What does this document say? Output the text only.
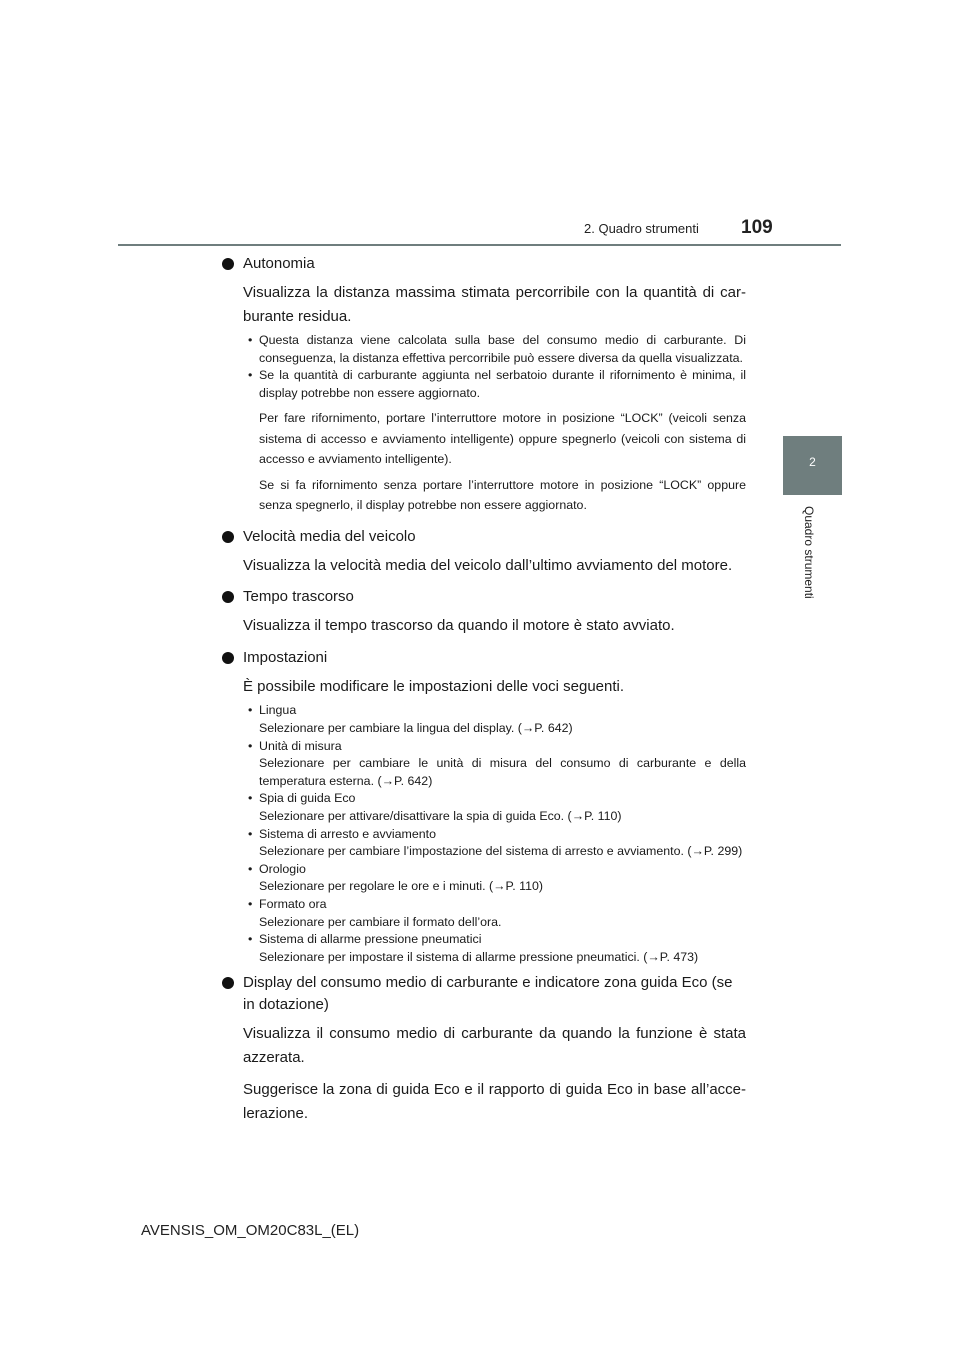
2. Quadro strumenti 109
2
Quadro strumenti
Autonomia
Visualizza la distanza massima stimata percorribile con la quantità di car-burante residua.
• Questa distanza viene calcolata sulla base del consumo medio di carburante. Di conseguenza, la distanza effettiva percorribile può essere diversa da quella visualizzata.
• Se la quantità di carburante aggiunta nel serbatoio durante il rifornimento è minima, il display potrebbe non essere aggiornato.
Per fare rifornimento, portare l’interruttore motore in posizione “LOCK” (veicoli senza sistema di accesso e avviamento intelligente) oppure spegnerlo (veicoli con sistema di accesso e avviamento intelligente).
Se si fa rifornimento senza portare l’interruttore motore in posizione “LOCK” oppure senza spegnerlo, il display potrebbe non essere aggiornato.
Velocità media del veicolo
Visualizza la velocità media del veicolo dall’ultimo avviamento del motore.
Tempo trascorso
Visualizza il tempo trascorso da quando il motore è stato avviato.
Impostazioni
È possibile modificare le impostazioni delle voci seguenti.
• Lingua
Selezionare per cambiare la lingua del display. (→P. 642)
• Unità di misura
Selezionare per cambiare le unità di misura del consumo di carburante e della temperatura esterna. (→P. 642)
• Spia di guida Eco
Selezionare per attivare/disattivare la spia di guida Eco. (→P. 110)
• Sistema di arresto e avviamento
Selezionare per cambiare l’impostazione del sistema di arresto e avviamento. (→P. 299)
• Orologio
Selezionare per regolare le ore e i minuti. (→P. 110)
• Formato ora
Selezionare per cambiare il formato dell’ora.
• Sistema di allarme pressione pneumatici
Selezionare per impostare il sistema di allarme pressione pneumatici. (→P. 473)
Display del consumo medio di carburante e indicatore zona guida Eco (se in dotazione)
Visualizza il consumo medio di carburante da quando la funzione è stata azzerata.
Suggerisce la zona di guida Eco e il rapporto di guida Eco in base all’acce-lerazione.
AVENSIS_OM_OM20C83L_(EL)
